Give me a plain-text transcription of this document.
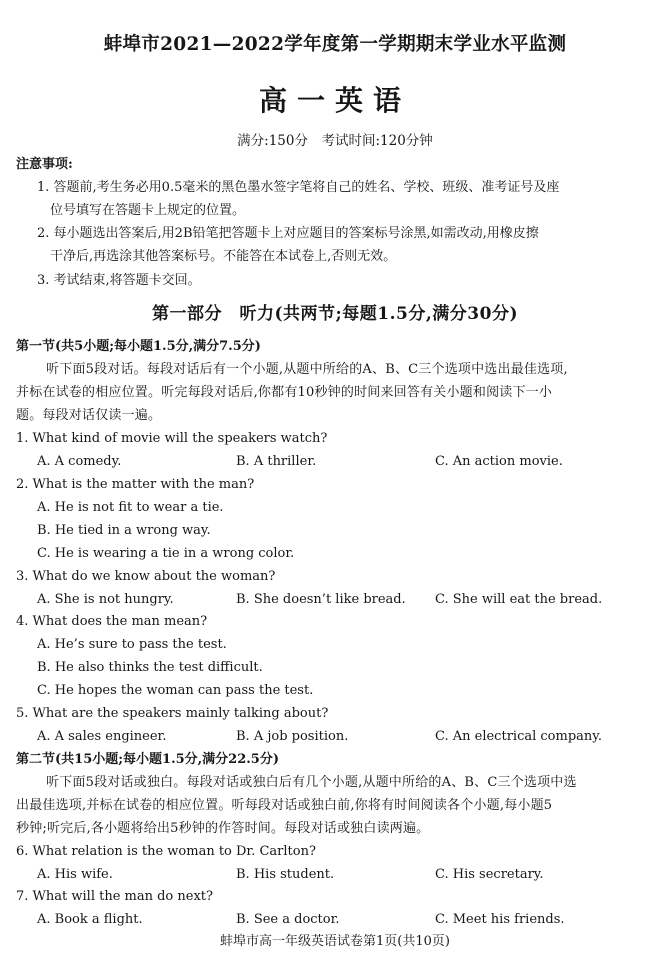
蚌埠市2021—2022学年度第一学期期末学业水平监测
高一英语
满分:150分　考试时间:120分钟
注意事项:
1. 答题前,考生务必用0.5毫米的黑色墨水签字笔将自己的姓名、学校、班级、准考证号及座
位号填写在答题卡上规定的位置。
2. 每小题选出答案后,用2B铅笔把答题卡上对应题目的答案标号涂黑,如需改动,用橡皮擦
干净后,再选涂其他答案标号。不能答在本试卷上,否则无效。
3. 考试结束,将答题卡交回。
第一部分　听力(共两节;每题1.5分,满分30分)
第一节(共5小题;每小题1.5分,满分7.5分)
听下面5段对话。每段对话后有一个小题,从题中所给的A、B、C三个选项中选出最佳选项,
并标在试卷的相应位置。听完每段对话后,你都有10秒钟的时间来回答有关小题和阅读下一小
题。每段对话仅读一遍。
1. What kind of movie will the speakers watch?
A. A comedy.	B. A thriller.	C. An action movie.
2. What is the matter with the man?
A. He is not fit to wear a tie.
B. He tied in a wrong way.
C. He is wearing a tie in a wrong color.
3. What do we know about the woman?
A. She is not hungry.	B. She doesn’t like bread. C. She will eat the bread.
4. What does the man mean?
A. He’s sure to pass the test.
B. He also thinks the test difficult.
C. He hopes the woman can pass the test.
5. What are the speakers mainly talking about?
A. A sales engineer.	B. A job position.	C. An electrical company.
第二节(共15小题;每小题1.5分,满分22.5分)
听下面5段对话或独白。每段对话或独白后有几个小题,从题中所给的A、B、C三个选项中选
出最佳选项,并标在试卷的相应位置。听每段对话或独白前,你将有时间阅读各个小题,每小题5
秒钟;听完后,各小题将给出5秒钟的作答时间。每段对话或独白读两遍。
6. What relation is the woman to Dr. Carlton?
A. His wife.	B. His student.	C. His secretary.
7. What will the man do next?
A. Book a flight.	B. See a doctor.	C. Meet his friends.
蚌埠市高一年级英语试卷第1页(共10页)
